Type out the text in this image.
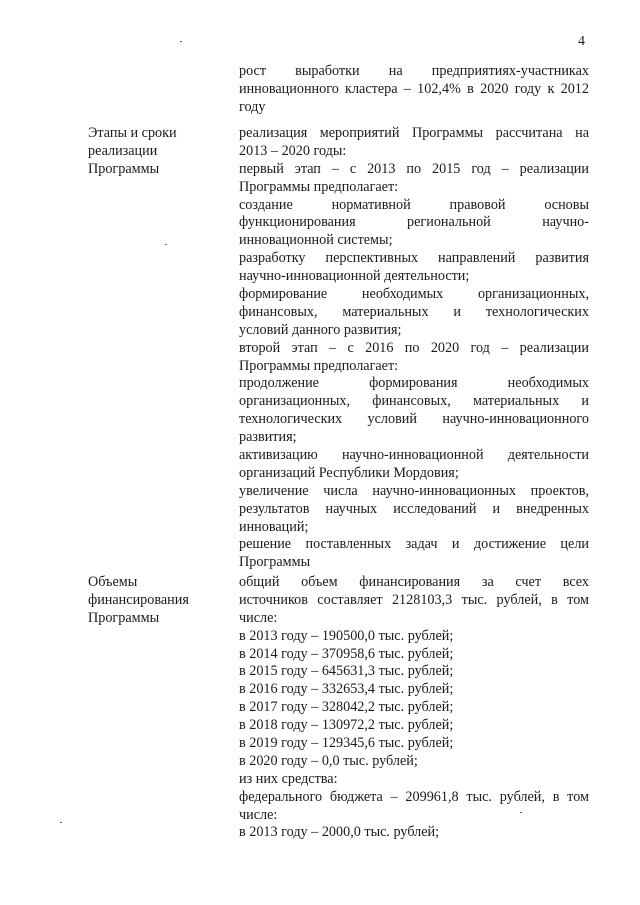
4
рост выработки на предприятиях-участниках
инновационного кластера – 102,4% в 2020 году к 2012
году
Этапы и сроки
реализации
Программы
реализация мероприятий Программы рассчитана на
2013 – 2020 годы:
первый этап – с 2013 по 2015 год – реализации
Программы предполагает:
создание нормативной правовой основы
функционирования региональной научно-
инновационной системы;
разработку перспективных направлений развития
научно-инновационной деятельности;
формирование необходимых организационных,
финансовых, материальных и технологических
условий данного развития;
второй этап – с 2016 по 2020 год – реализации
Программы предполагает:
продолжение формирования необходимых
организационных, финансовых, материальных и
технологических условий научно-инновационного
развития;
активизацию научно-инновационной деятельности
организаций Республики Мордовия;
увеличение числа научно-инновационных проектов,
результатов научных исследований и внедренных
инноваций;
решение поставленных задач и достижение цели
Программы
Объемы
финансирования
Программы
общий объем финансирования за счет всех
источников составляет 2128103,3 тыс. рублей, в том
числе:
в 2013 году – 190500,0 тыс. рублей;
в 2014 году – 370958,6 тыс. рублей;
в 2015 году – 645631,3 тыс. рублей;
в 2016 году – 332653,4 тыс. рублей;
в 2017 году – 328042,2 тыс. рублей;
в 2018 году – 130972,2 тыс. рублей;
в 2019 году – 129345,6 тыс. рублей;
в 2020 году – 0,0 тыс. рублей;
из них средства:
федерального бюджета – 209961,8 тыс. рублей, в том
числе:
в 2013 году – 2000,0 тыс. рублей;
